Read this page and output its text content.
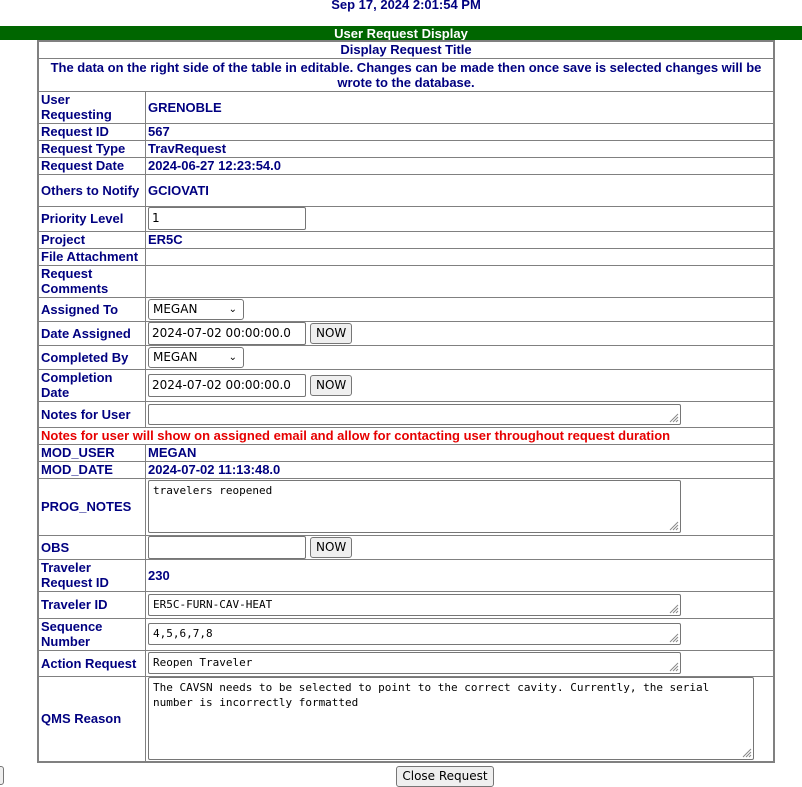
Sep 17, 2024 2:01:54 PM
User Request Display
Display Request Title	
The data on the right side of the table in editable. Changes can be made then once save is selected changes will be wrote to the database.	
User Requesting	GRENOBLE
Request ID	567
Request Type	TravRequest
Request Date	2024-06-27 12:23:54.0
Others to Notify	GCIOVATI
Priority Level	1
Project	ER5C
File Attachment	
Request Comments	
Assigned To	MEGAN ⌄

Date Assigned	2024-07-02 00:00:00.0 NOW
Completed By	MEGAN ⌄

Completion Date	2024-07-02 00:00:00.0 NOW
Notes for User	

Notes for user will show on assigned email and allow for contacting user throughout request duration	
MOD_USER	MEGAN
MOD_DATE	2024-07-02 11:13:48.0
PROG_NOTES	travelers reopened

OBS	NOW
Traveler Request ID	230
Traveler ID	ER5C-FURN-CAV-HEAT

Sequence Number	4,5,6,7,8

Action Request	Reopen Traveler

QMS Reason	The CAVSN needs to be selected to point to the correct cavity. Currently, the serial number is incorrectly formatted
Close Request
